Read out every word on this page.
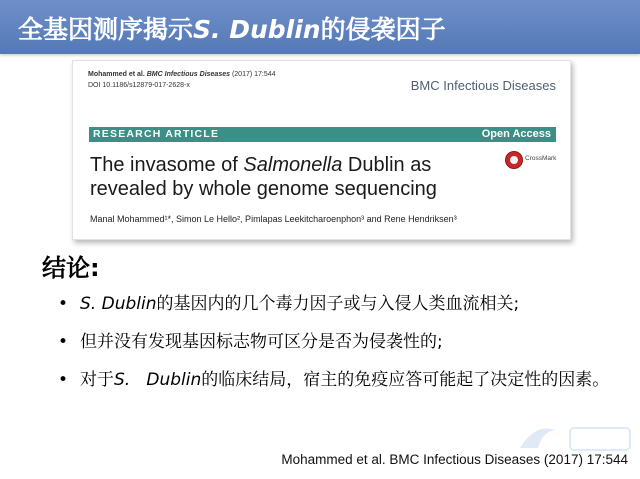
全基因测序揭示S. Dublin的侵袭因子
Mohammed et al. BMC Infectious Diseases (2017) 17:544
DOI 10.1186/s12879-017-2628-x	BMC Infectious Diseases
RESEARCH ARTICLE	Open Access
The invasome of Salmonella Dublin as revealed by whole genome sequencing
CrossMark
Manal Mohammed¹*, Simon Le Hello², Pimlapas Leekitcharoenphon³ and Rene Hendriksen³
结论:
• S. Dublin的基因内的几个毒力因子或与入侵人类血流相关;
• 但并没有发现基因标志物可区分是否为侵袭性的;
• 对于S.   Dublin的临床结局，宿主的免疫应答可能起了决定性的因素。
Mohammed et al. BMC Infectious Diseases (2017) 17:544
